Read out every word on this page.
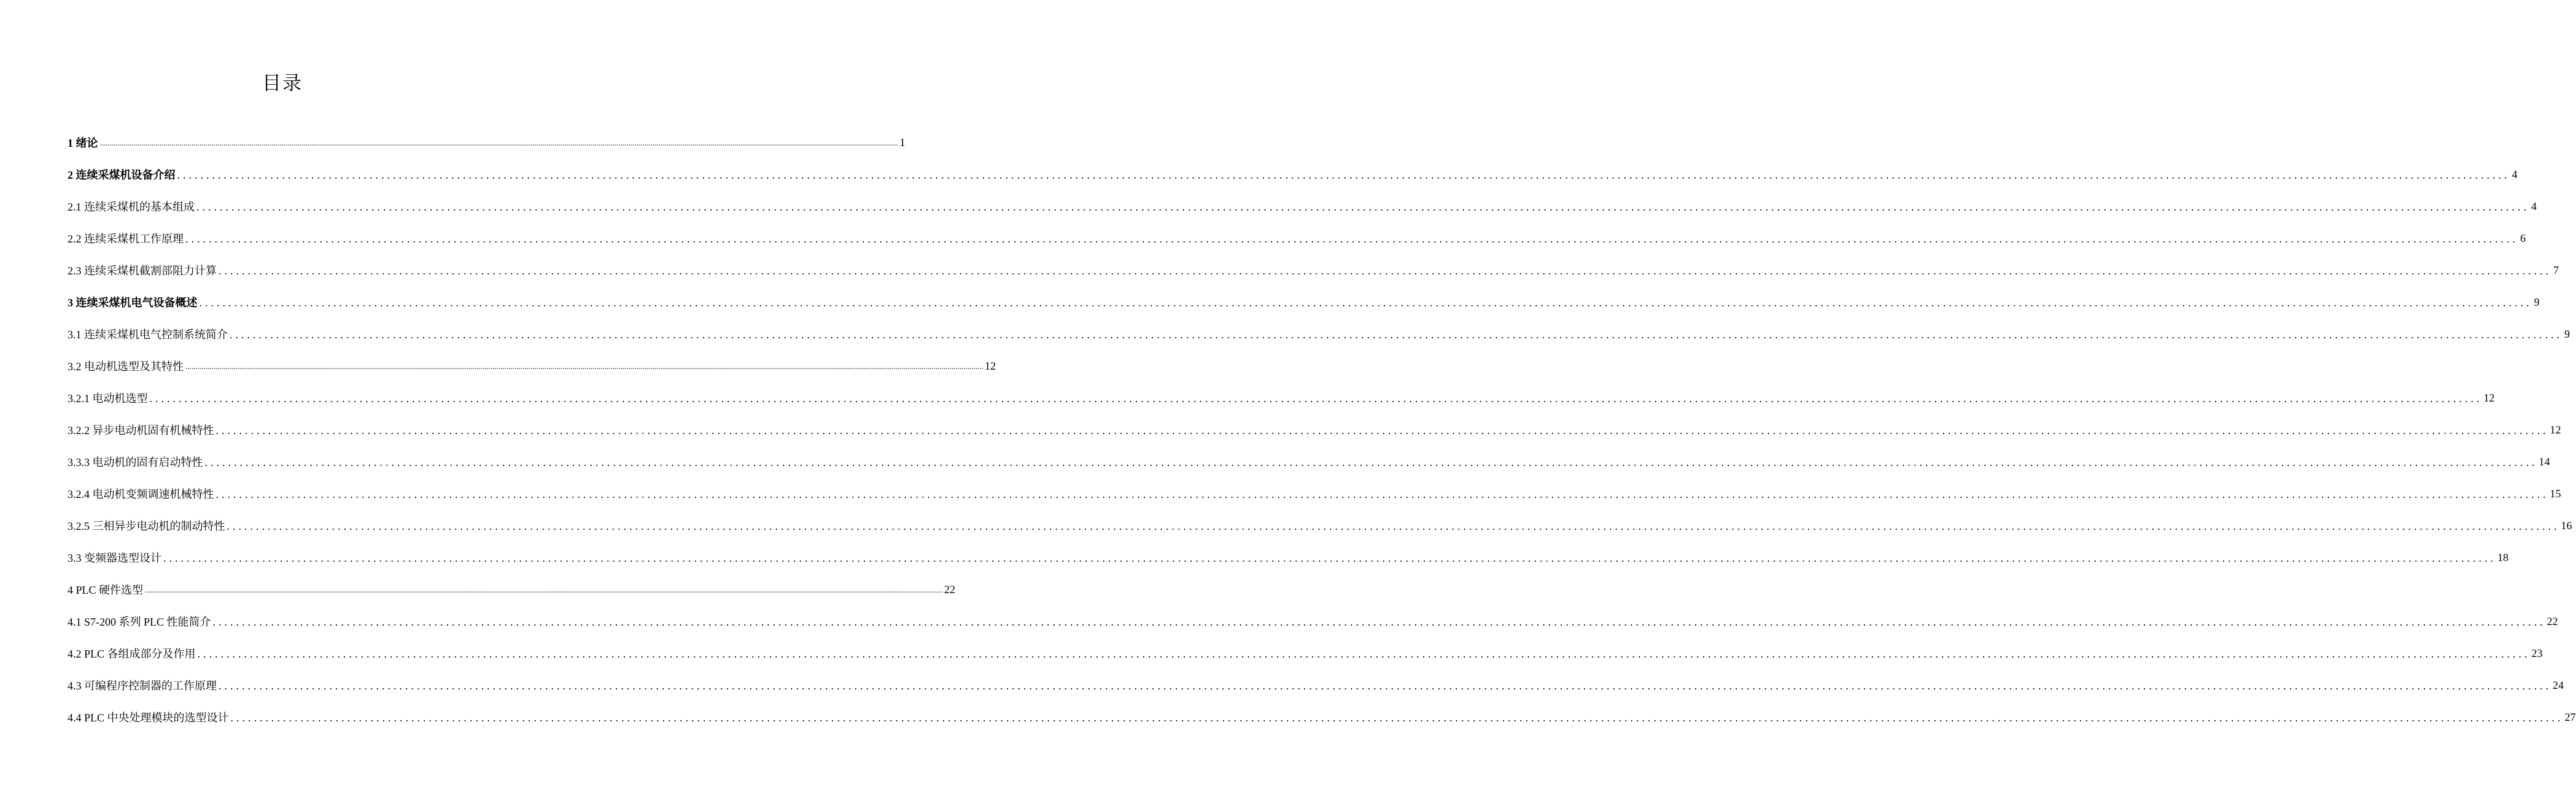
目录
1 绪论 ................................................................................................................................................................................................................................................................................................................................................................................................................ 1
2 连续采煤机设备介绍 ................................................................................................................................................................................................................................................................................................................................................................................................................ 4
2.1 连续采煤机的基本组成 ................................................................................................................................................................................................................................................................................................................................................................................................................ 4
2.2 连续采煤机工作原理 ................................................................................................................................................................................................................................................................................................................................................................................................................ 6
2.3 连续采煤机截割部阻力计算 ................................................................................................................................................................................................................................................................................................................................................................................................................ 7
3 连续采煤机电气设备概述 ................................................................................................................................................................................................................................................................................................................................................................................................................ 9
3.1 连续采煤机电气控制系统简介 ................................................................................................................................................................................................................................................................................................................................................................................................................ 9
3.2 电动机选型及其特性 ................................................................................................................................................................................................................................................................................................................................................................................................................ 12
3.2.1 电动机选型 ................................................................................................................................................................................................................................................................................................................................................................................................................ 12
3.2.2 异步电动机固有机械特性 ................................................................................................................................................................................................................................................................................................................................................................................................................ 12
3.3.3 电动机的固有启动特性 ................................................................................................................................................................................................................................................................................................................................................................................................................ 14
3.2.4 电动机变频调速机械特性 ................................................................................................................................................................................................................................................................................................................................................................................................................ 15
3.2.5 三相异步电动机的制动特性 ................................................................................................................................................................................................................................................................................................................................................................................................................ 16
3.3 变频器选型设计 ................................................................................................................................................................................................................................................................................................................................................................................................................ 18
4 PLC 硬件选型 ................................................................................................................................................................................................................................................................................................................................................................................................................ 22
4.1 S7-200 系列 PLC 性能简介 ................................................................................................................................................................................................................................................................................................................................................................................................................ 22
4.2 PLC 各组成部分及作用 ................................................................................................................................................................................................................................................................................................................................................................................................................ 23
4.3 可编程序控制器的工作原理 ................................................................................................................................................................................................................................................................................................................................................................................................................ 24
4.4 PLC 中央处理模块的选型设计 ................................................................................................................................................................................................................................................................................................................................................................................................................ 27
